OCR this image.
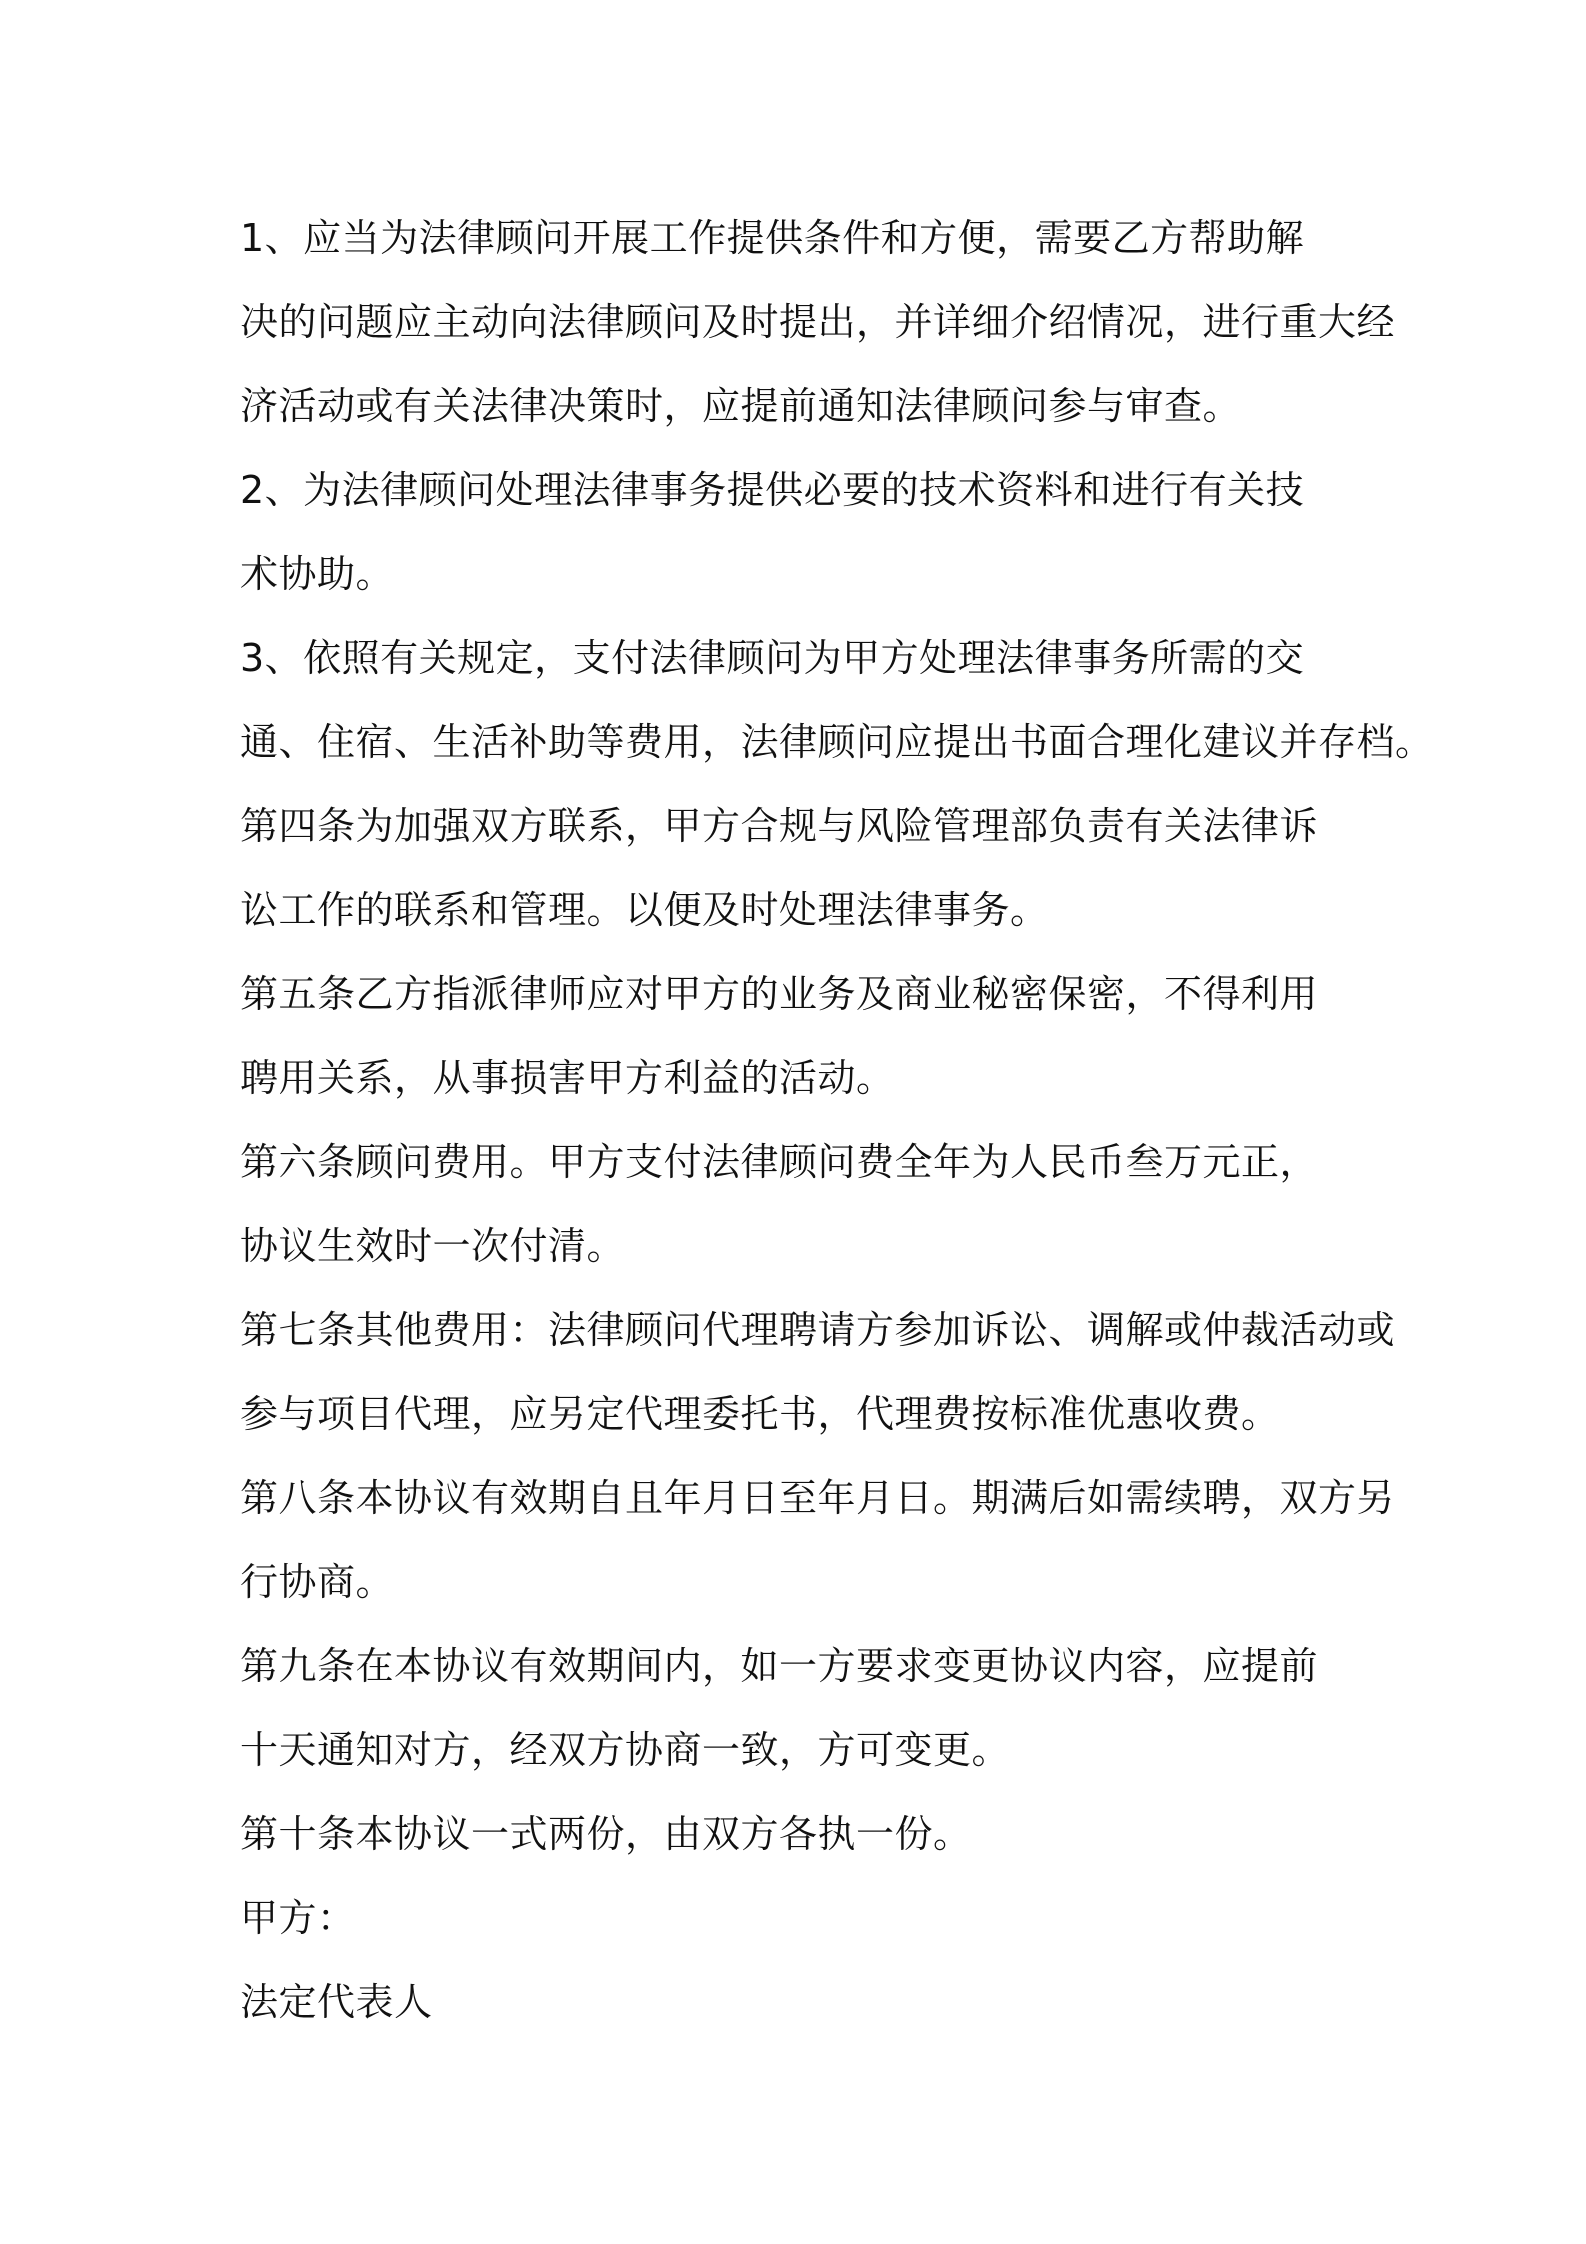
1、应当为法律顾问开展工作提供条件和方便，需要乙方帮助解
决的问题应主动向法律顾问及时提出，并详细介绍情况，进行重大经
济活动或有关法律决策时，应提前通知法律顾问参与审查。
2、为法律顾问处理法律事务提供必要的技术资料和进行有关技
术协助。
3、依照有关规定，支付法律顾问为甲方处理法律事务所需的交
通、住宿、生活补助等费用，法律顾问应提出书面合理化建议并存档。
第四条为加强双方联系，甲方合规与风险管理部负责有关法律诉
讼工作的联系和管理。以便及时处理法律事务。
第五条乙方指派律师应对甲方的业务及商业秘密保密，不得利用
聘用关系，从事损害甲方利益的活动。
第六条顾问费用。甲方支付法律顾问费全年为人民币叁万元正，
协议生效时一次付清。
第七条其他费用：法律顾问代理聘请方参加诉讼、调解或仲裁活动或
参与项目代理，应另定代理委托书，代理费按标准优惠收费。
第八条本协议有效期自且年月日至年月日。期满后如需续聘，双方另
行协商。
第九条在本协议有效期间内，如一方要求变更协议内容，应提前
十天通知对方，经双方协商一致，方可变更。
第十条本协议一式两份，由双方各执一份。
甲方：
法定代表人
